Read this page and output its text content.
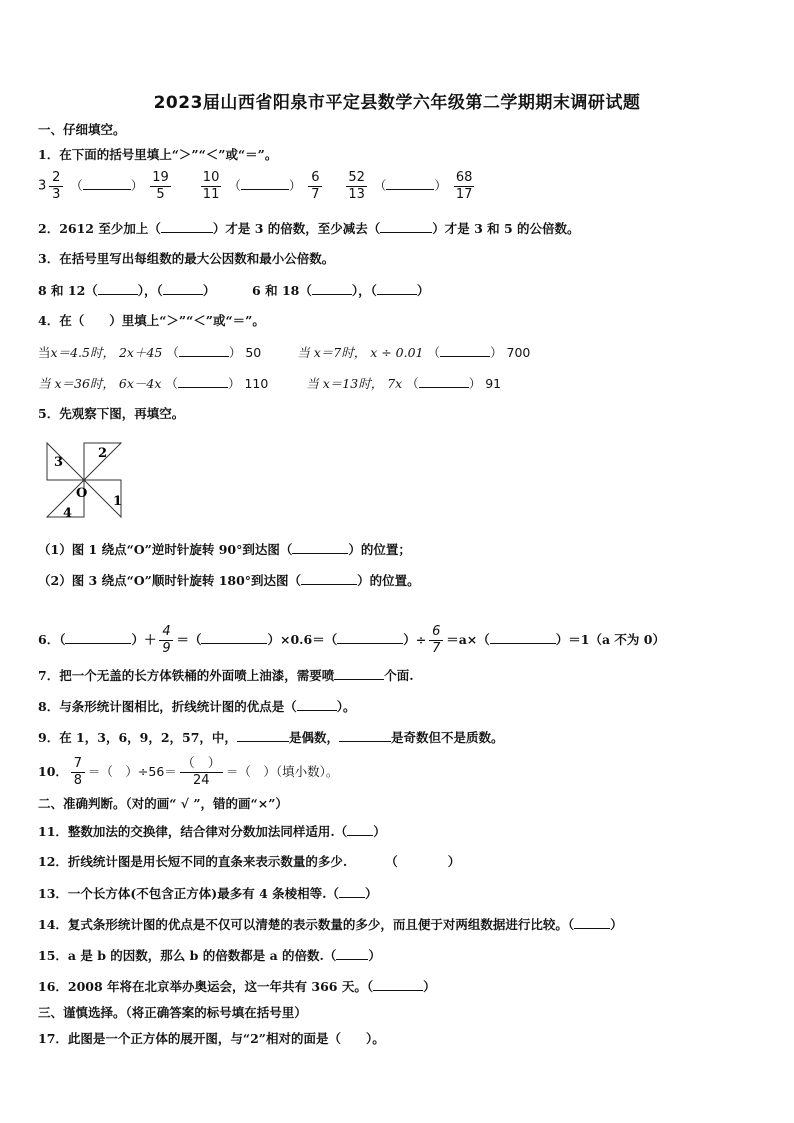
2023届山西省阳泉市平定县数学六年级第二学期期末调研试题
一、仔细填空。
1．在下面的括号里填上“＞”“＜”或“＝”。
$3 \frac{2}{3}$ （	） $\frac{19}{5}$
$\frac{10}{11}$ （	） $\frac{6}{7}$
$\frac{52}{13}$ （	） $\frac{68}{17}$
2．2612 至少加上（	）才是 3 的倍数，至少减去（	）才是 3 和 5 的公倍数。
3．在括号里写出每组数的最大公因数和最小公倍数。
8 和 12（	），（	）	6 和 18（	），（	）
4．在（　　）里填上“＞”“＜”或“＝”。
当x＝4.5时， 2x＋45 （	） 50	当 x＝7时， x ÷ 0.01 （	） 700
当 x＝36时， 6x－4x （	） 110	当 x＝13时， 7x （	） 91
5．先观察下图，再填空。
3
2
1
4
O
（1）图 1 绕点“O”逆时针旋转 90°到达图（	）的位置；
（2）图 3 绕点“O”顺时针旋转 180°到达图（	）的位置。
6．（	）＋ $\frac{4}{9}$ ＝（	）×0.6＝（	）÷ $\frac{6}{7} =a\times$（	）＝1（a 不为 0）
7．把一个无盖的长方体铁桶的外面喷上油漆，需要喷	个面.
8．与条形统计图相比，折线统计图的优点是（	）。
9．在 1，3，6，9，2，57，中，	是偶数，	是奇数但不是质数。
10． $\frac{7}{8}$ ＝（　）$\div 56= \frac{( )}{24}$ ＝（　）（填小数）。
二、准确判断。（对的画“ √ ”，错的画“×”）
11．整数加法的交换律，结合律对分数加法同样适用.（ ）
12．折线统计图是用长短不同的直条来表示数量的多少.	（　　　　）
13．一个长方体(不包含正方体)最多有 4 条棱相等.（ ）
14．复式条形统计图的优点是不仅可以清楚的表示数量的多少，而且便于对两组数据进行比较。（	）
15．a 是 b 的因数，那么 b 的倍数都是 a 的倍数.（	）
16．2008 年将在北京举办奥运会，这一年共有 366 天。（	）
三、谨慎选择。（将正确答案的标号填在括号里）
17．此图是一个正方体的展开图，与“2”相对的面是（　　）。
